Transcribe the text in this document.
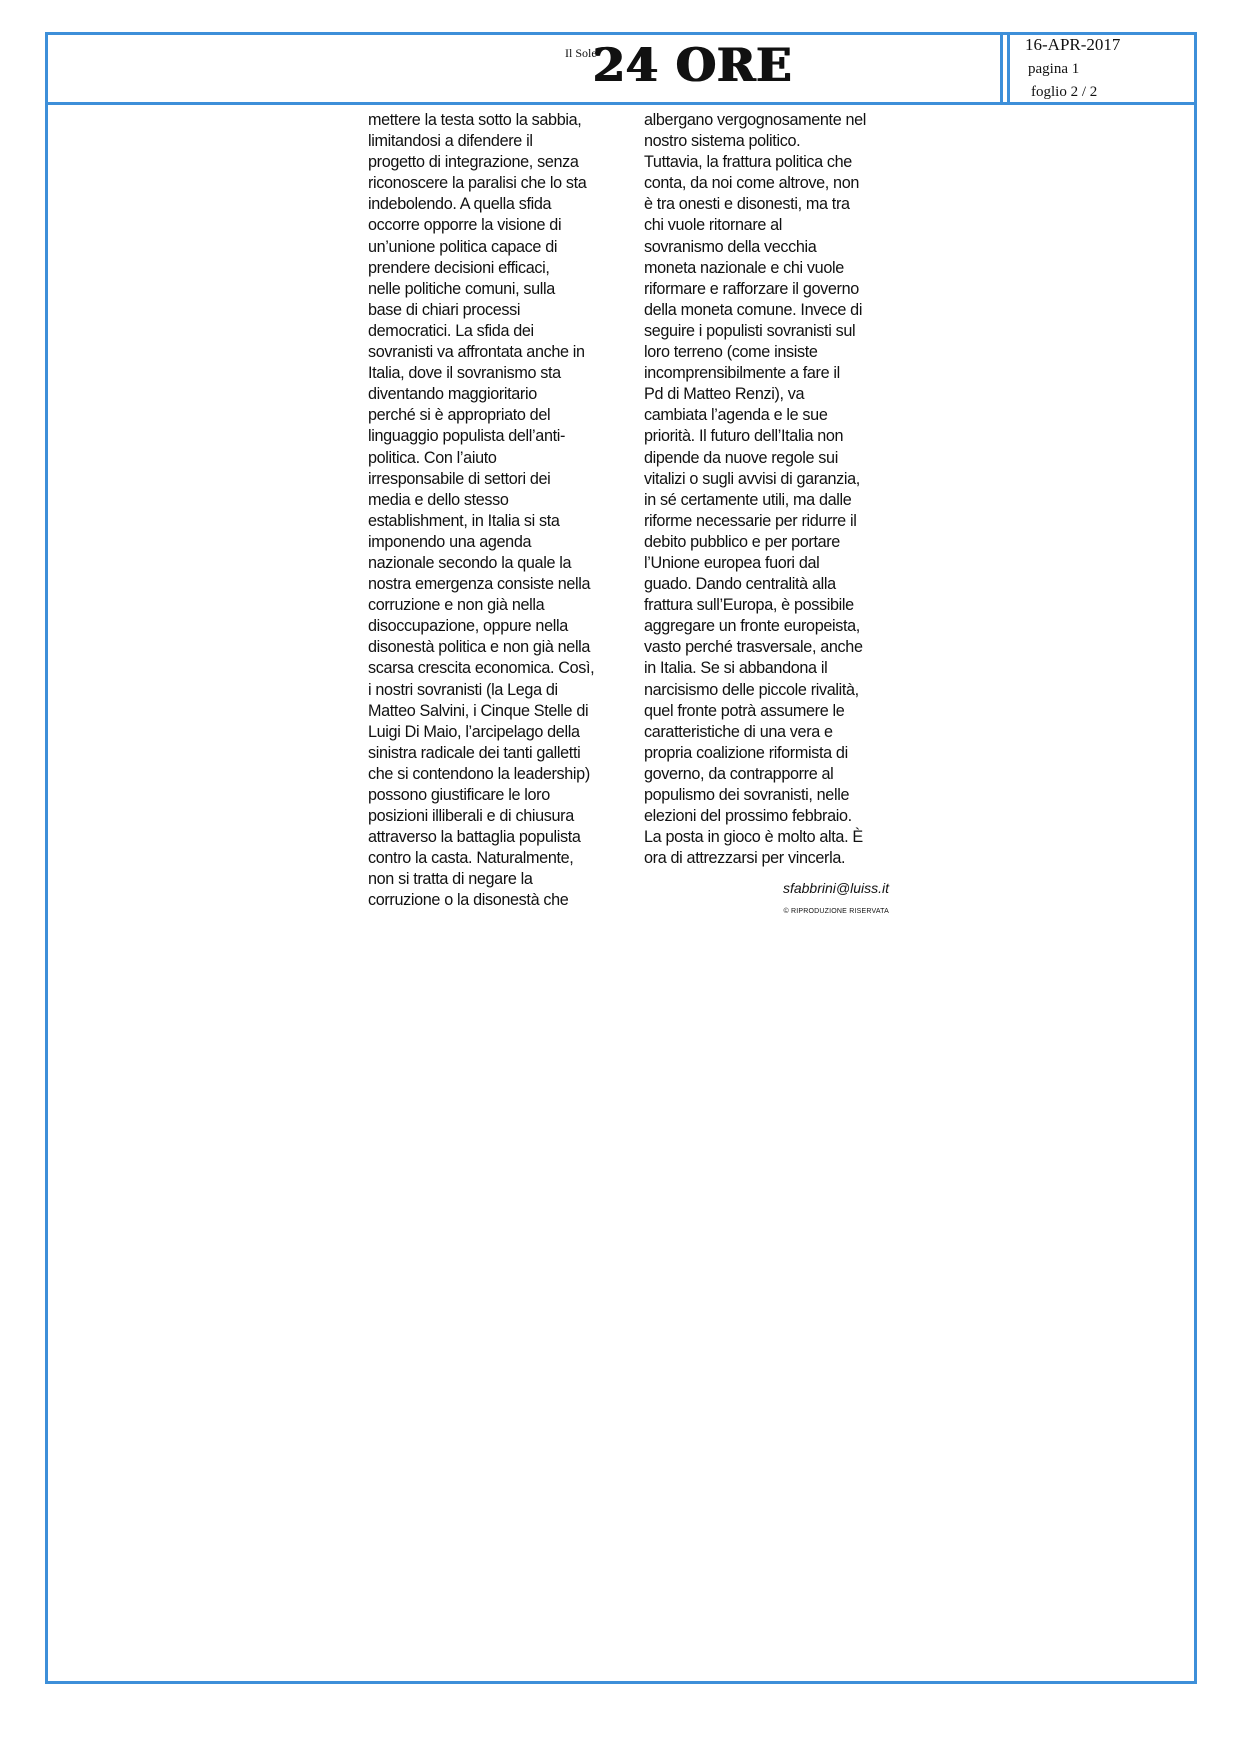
Il Sole
24 ORE	16-APR-2017
pagina 1
foglio 2 / 2
mettere la testa sotto la sabbia,
limitandosi a difendere il
progetto di integrazione, senza
riconoscere la paralisi che lo sta
indebolendo. A quella sfida
occorre opporre la visione di
un’unione politica capace di
prendere decisioni efficaci,
nelle politiche comuni, sulla
base di chiari processi
democratici. La sfida dei
sovranisti va affrontata anche in
Italia, dove il sovranismo sta
diventando maggioritario
perché si è appropriato del
linguaggio populista dell’anti-
politica. Con l’aiuto
irresponsabile di settori dei
media e dello stesso
establishment, in Italia si sta
imponendo una agenda
nazionale secondo la quale la
nostra emergenza consiste nella
corruzione e non già nella
disoccupazione, oppure nella
disonestà politica e non già nella
scarsa crescita economica. Così,
i nostri sovranisti (la Lega di
Matteo Salvini, i Cinque Stelle di
Luigi Di Maio, l’arcipelago della
sinistra radicale dei tanti galletti
che si contendono la leadership)
possono giustificare le loro
posizioni illiberali e di chiusura
attraverso la battaglia populista
contro la casta. Naturalmente,
non si tratta di negare la
corruzione o la disonestà che
albergano vergognosamente nel
nostro sistema politico.
Tuttavia, la frattura politica che
conta, da noi come altrove, non
è tra onesti e disonesti, ma tra
chi vuole ritornare al
sovranismo della vecchia
moneta nazionale e chi vuole
riformare e rafforzare il governo
della moneta comune. Invece di
seguire i populisti sovranisti sul
loro terreno (come insiste
incomprensibilmente a fare il
Pd di Matteo Renzi), va
cambiata l’agenda e le sue
priorità. Il futuro dell’Italia non
dipende da nuove regole sui
vitalizi o sugli avvisi di garanzia,
in sé certamente utili, ma dalle
riforme necessarie per ridurre il
debito pubblico e per portare
l’Unione europea fuori dal
guado. Dando centralità alla
frattura sull’Europa, è possibile
aggregare un fronte europeista,
vasto perché trasversale, anche
in Italia. Se si abbandona il
narcisismo delle piccole rivalità,
quel fronte potrà assumere le
caratteristiche di una vera e
propria coalizione riformista di
governo, da contrapporre al
populismo dei sovranisti, nelle
elezioni del prossimo febbraio.
La posta in gioco è molto alta. È
ora di attrezzarsi per vincerla.
sfabbrini@luiss.it
© RIPRODUZIONE RISERVATA
